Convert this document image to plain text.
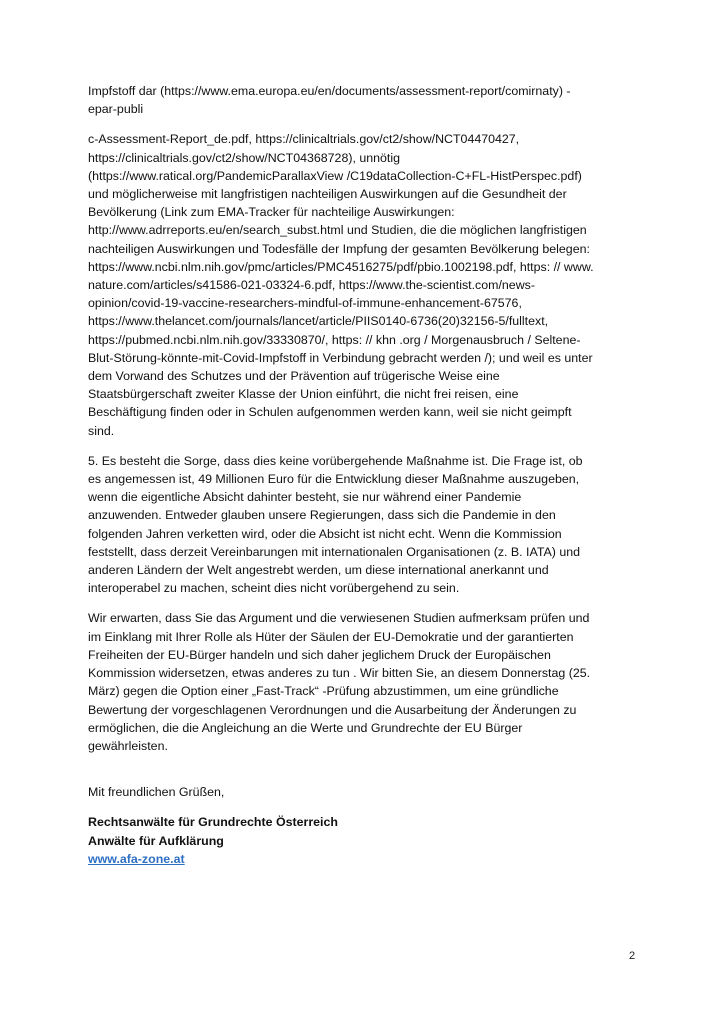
Impfstoff dar (https://www.ema.europa.eu/en/documents/assessment-report/comirnaty) -
epar-publi

c-Assessment-Report_de.pdf, https://clinicaltrials.gov/ct2/show/NCT04470427,
https://clinicaltrials.gov/ct2/show/NCT04368728), unnötig
(https://www.ratical.org/PandemicParallaxView /C19dataCollection-C+FL-HistPerspec.pdf)
und möglicherweise mit langfristigen nachteiligen Auswirkungen auf die Gesundheit der
Bevölkerung (Link zum EMA-Tracker für nachteilige Auswirkungen:
http://www.adrreports.eu/en/search_subst.html und Studien, die die möglichen langfristigen
nachteiligen Auswirkungen und Todesfälle der Impfung der gesamten Bevölkerung belegen:
https://www.ncbi.nlm.nih.gov/pmc/articles/PMC4516275/pdf/pbio.1002198.pdf, https: // www.
nature.com/articles/s41586-021-03324-6.pdf, https://www.the-scientist.com/news-
opinion/covid-19-vaccine-researchers-mindful-of-immune-enhancement-67576,
https://www.thelancet.com/journals/lancet/article/PIIS0140-6736(20)32156-5/fulltext,
https://pubmed.ncbi.nlm.nih.gov/33330870/, https: // khn .org / Morgenausbruch / Seltene-
Blut-Störung-könnte-mit-Covid-Impfstoff in Verbindung gebracht werden /); und weil es unter
dem Vorwand des Schutzes und der Prävention auf trügerische Weise eine
Staatsbürgerschaft zweiter Klasse der Union einführt, die nicht frei reisen, eine
Beschäftigung finden oder in Schulen aufgenommen werden kann, weil sie nicht geimpft
sind.

5. Es besteht die Sorge, dass dies keine vorübergehende Maßnahme ist. Die Frage ist, ob
es angemessen ist, 49 Millionen Euro für die Entwicklung dieser Maßnahme auszugeben,
wenn die eigentliche Absicht dahinter besteht, sie nur während einer Pandemie
anzuwenden. Entweder glauben unsere Regierungen, dass sich die Pandemie in den
folgenden Jahren verketten wird, oder die Absicht ist nicht echt. Wenn die Kommission
feststellt, dass derzeit Vereinbarungen mit internationalen Organisationen (z. B. IATA) und
anderen Ländern der Welt angestrebt werden, um diese international anerkannt und
interoperabel zu machen, scheint dies nicht vorübergehend zu sein.

Wir erwarten, dass Sie das Argument und die verwiesenen Studien aufmerksam prüfen und
im Einklang mit Ihrer Rolle als Hüter der Säulen der EU-Demokratie und der garantierten
Freiheiten der EU-Bürger handeln und sich daher jeglichem Druck der Europäischen
Kommission widersetzen, etwas anderes zu tun . Wir bitten Sie, an diesem Donnerstag (25.
März) gegen die Option einer „Fast-Track“ -Prüfung abzustimmen, um eine gründliche
Bewertung der vorgeschlagenen Verordnungen und die Ausarbeitung der Änderungen zu
ermöglichen, die die Angleichung an die Werte und Grundrechte der EU Bürger
gewährleisten.

Mit freundlichen Grüßen,

Rechtsanwälte für Grundrechte Österreich
Anwälte für Aufklärung
www.afa-zone.at
2
